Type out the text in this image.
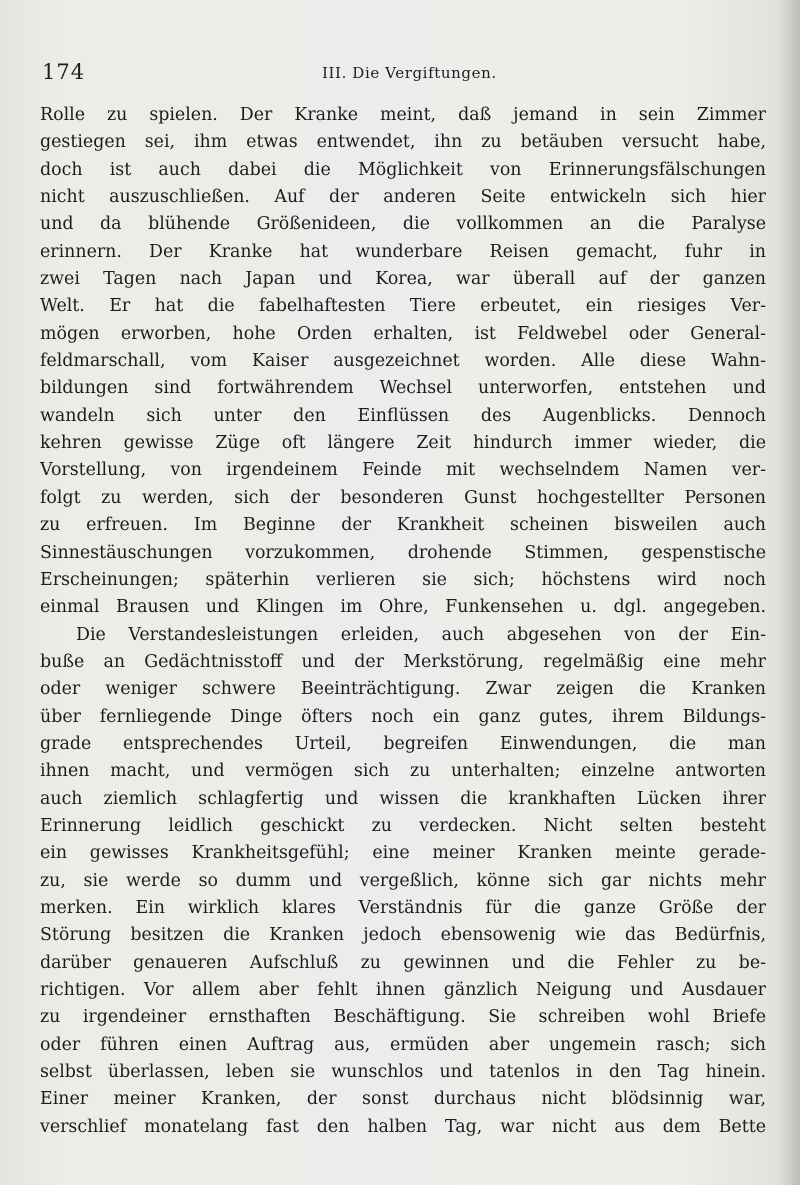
174	III. Die Vergiftungen.
Rolle zu spielen. Der Kranke meint, daß jemand in sein Zimmer
gestiegen sei, ihm etwas entwendet, ihn zu betäuben versucht habe,
doch ist auch dabei die Möglichkeit von Erinnerungsfälschungen
nicht auszuschließen. Auf der anderen Seite entwickeln sich hier
und da blühende Größenideen, die vollkommen an die Paralyse
erinnern. Der Kranke hat wunderbare Reisen gemacht, fuhr in
zwei Tagen nach Japan und Korea, war überall auf der ganzen
Welt. Er hat die fabelhaftesten Tiere erbeutet, ein riesiges Ver-
mögen erworben, hohe Orden erhalten, ist Feldwebel oder General-
feldmarschall, vom Kaiser ausgezeichnet worden. Alle diese Wahn-
bildungen sind fortwährendem Wechsel unterworfen, entstehen und
wandeln sich unter den Einflüssen des Augenblicks. Dennoch
kehren gewisse Züge oft längere Zeit hindurch immer wieder, die
Vorstellung, von irgendeinem Feinde mit wechselndem Namen ver-
folgt zu werden, sich der besonderen Gunst hochgestellter Personen
zu erfreuen. Im Beginne der Krankheit scheinen bisweilen auch
Sinnestäuschungen vorzukommen, drohende Stimmen, gespenstische
Erscheinungen; späterhin verlieren sie sich; höchstens wird noch
einmal Brausen und Klingen im Ohre, Funkensehen u. dgl. angegeben.
Die Verstandesleistungen erleiden, auch abgesehen von der Ein-
buße an Gedächtnisstoff und der Merkstörung, regelmäßig eine mehr
oder weniger schwere Beeinträchtigung. Zwar zeigen die Kranken
über fernliegende Dinge öfters noch ein ganz gutes, ihrem Bildungs-
grade entsprechendes Urteil, begreifen Einwendungen, die man
ihnen macht, und vermögen sich zu unterhalten; einzelne antworten
auch ziemlich schlagfertig und wissen die krankhaften Lücken ihrer
Erinnerung leidlich geschickt zu verdecken. Nicht selten besteht
ein gewisses Krankheitsgefühl; eine meiner Kranken meinte gerade-
zu, sie werde so dumm und vergeßlich, könne sich gar nichts mehr
merken. Ein wirklich klares Verständnis für die ganze Größe der
Störung besitzen die Kranken jedoch ebensowenig wie das Bedürfnis,
darüber genaueren Aufschluß zu gewinnen und die Fehler zu be-
richtigen. Vor allem aber fehlt ihnen gänzlich Neigung und Ausdauer
zu irgendeiner ernsthaften Beschäftigung. Sie schreiben wohl Briefe
oder führen einen Auftrag aus, ermüden aber ungemein rasch; sich
selbst überlassen, leben sie wunschlos und tatenlos in den Tag hinein.
Einer meiner Kranken, der sonst durchaus nicht blödsinnig war,
verschlief monatelang fast den halben Tag, war nicht aus dem Bette
